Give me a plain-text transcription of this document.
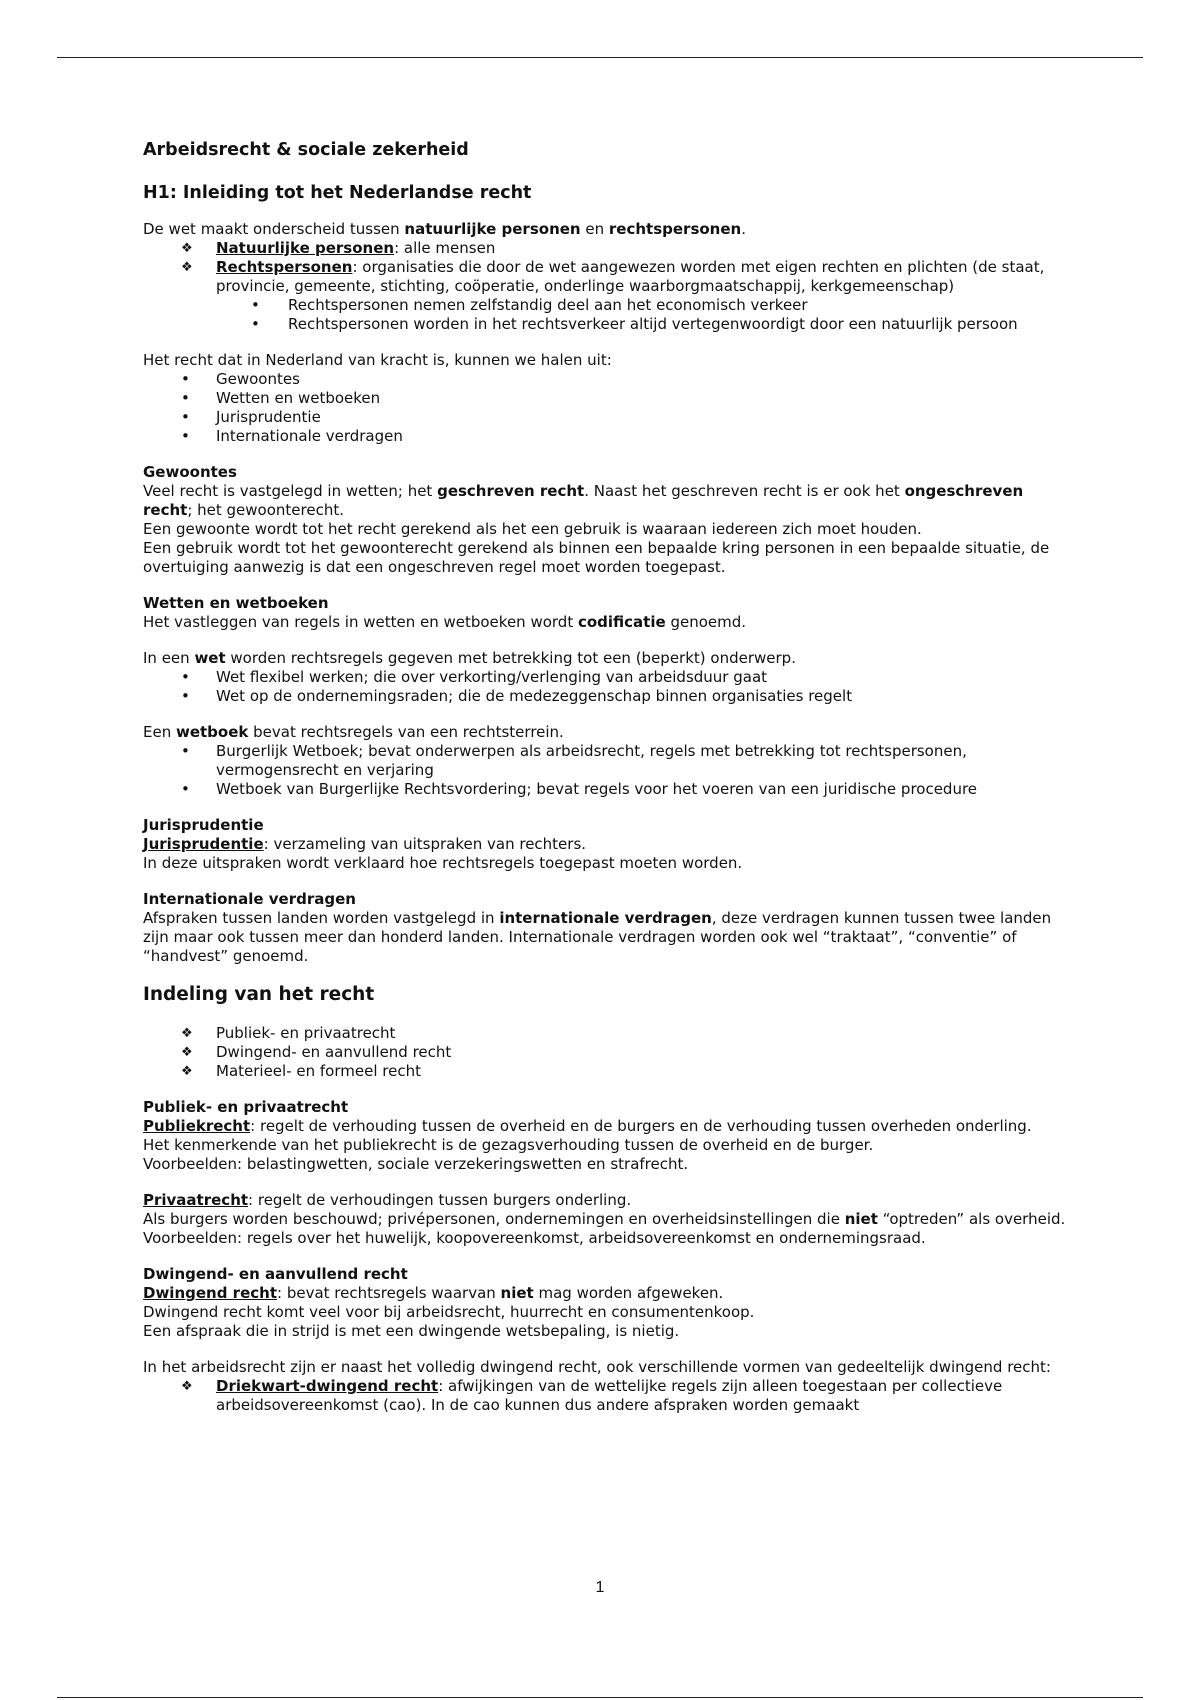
Arbeidsrecht & sociale zekerheid
H1: Inleiding tot het Nederlandse recht

De wet maakt onderscheid tussen natuurlijke personen en rechtspersonen.

❖ Natuurlijke personen: alle mensen
❖ Rechtspersonen: organisaties die door de wet aangewezen worden met eigen rechten en plichten (de staat, provincie, gemeente, stichting, coöperatie, onderlinge waarborgmaatschappij, kerkgemeenschap)
• Rechtspersonen nemen zelfstandig deel aan het economisch verkeer
• Rechtspersonen worden in het rechtsverkeer altijd vertegenwoordigt door een natuurlijk persoon

Het recht dat in Nederland van kracht is, kunnen we halen uit:

• Gewoontes
• Wetten en wetboeken
• Jurisprudentie
• Internationale verdragen

Gewoontes

Veel recht is vastgelegd in wetten; het geschreven recht. Naast het geschreven recht is er ook het ongeschreven recht; het gewoonterecht.

Een gewoonte wordt tot het recht gerekend als het een gebruik is waaraan iedereen zich moet houden.

Een gebruik wordt tot het gewoonterecht gerekend als binnen een bepaalde kring personen in een bepaalde situatie, de overtuiging aanwezig is dat een ongeschreven regel moet worden toegepast.

Wetten en wetboeken

Het vastleggen van regels in wetten en wetboeken wordt codificatie genoemd.

In een wet worden rechtsregels gegeven met betrekking tot een (beperkt) onderwerp.

• Wet flexibel werken; die over verkorting/verlenging van arbeidsduur gaat
• Wet op de ondernemingsraden; die de medezeggenschap binnen organisaties regelt

Een wetboek bevat rechtsregels van een rechtsterrein.

• Burgerlijk Wetboek; bevat onderwerpen als arbeidsrecht, regels met betrekking tot rechtspersonen, vermogensrecht en verjaring
• Wetboek van Burgerlijke Rechtsvordering; bevat regels voor het voeren van een juridische procedure

Jurisprudentie

Jurisprudentie: verzameling van uitspraken van rechters.

In deze uitspraken wordt verklaard hoe rechtsregels toegepast moeten worden.

Internationale verdragen

Afspraken tussen landen worden vastgelegd in internationale verdragen, deze verdragen kunnen tussen twee landen zijn maar ook tussen meer dan honderd landen. Internationale verdragen worden ook wel “traktaat”, “conventie” of “handvest” genoemd.

Indeling van het recht
❖ Publiek- en privaatrecht
❖ Dwingend- en aanvullend recht
❖ Materieel- en formeel recht

Publiek- en privaatrecht

Publiekrecht: regelt de verhouding tussen de overheid en de burgers en de verhouding tussen overheden onderling.

Het kenmerkende van het publiekrecht is de gezagsverhouding tussen de overheid en de burger.

Voorbeelden: belastingwetten, sociale verzekeringswetten en strafrecht.

Privaatrecht: regelt de verhoudingen tussen burgers onderling.

Als burgers worden beschouwd; privépersonen, ondernemingen en overheidsinstellingen die niet “optreden” als overheid.

Voorbeelden: regels over het huwelijk, koopovereenkomst, arbeidsovereenkomst en ondernemingsraad.

Dwingend- en aanvullend recht

Dwingend recht: bevat rechtsregels waarvan niet mag worden afgeweken.

Dwingend recht komt veel voor bij arbeidsrecht, huurrecht en consumentenkoop.

Een afspraak die in strijd is met een dwingende wetsbepaling, is nietig.

In het arbeidsrecht zijn er naast het volledig dwingend recht, ook verschillende vormen van gedeeltelijk dwingend recht:

❖ Driekwart-dwingend recht: afwijkingen van de wettelijke regels zijn alleen toegestaan per collectieve arbeidsovereenkomst (cao). In de cao kunnen dus andere afspraken worden gemaakt
1
